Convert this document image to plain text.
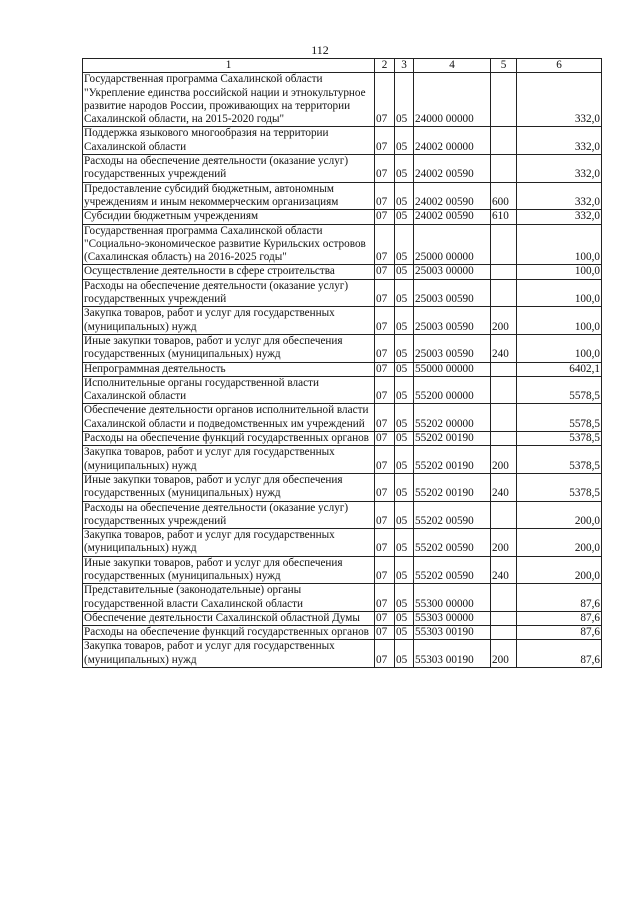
112
1	2	3	4	5	6
Государственная программа Сахалинской области "Укрепление единства российской нации и этнокультурное развитие народов России, проживающих на территории Сахалинской области, на 2015-2020 годы"	07	05	24000 00000		332,0
Поддержка языкового многообразия на территории Сахалинской области	07	05	24002 00000		332,0
Расходы на обеспечение деятельности (оказание услуг) государственных учреждений	07	05	24002 00590		332,0
Предоставление субсидий бюджетным, автономным учреждениям и иным некоммерческим организациям	07	05	24002 00590	600	332,0
Субсидии бюджетным учреждениям	07	05	24002 00590	610	332,0
Государственная программа Сахалинской области "Социально-экономическое развитие Курильских островов (Сахалинская область) на 2016-2025 годы"	07	05	25000 00000		100,0
Осуществление деятельности в сфере строительства	07	05	25003 00000		100,0
Расходы на обеспечение деятельности (оказание услуг) государственных учреждений	07	05	25003 00590		100,0
Закупка товаров, работ и услуг для государственных (муниципальных) нужд	07	05	25003 00590	200	100,0
Иные закупки товаров, работ и услуг для обеспечения государственных (муниципальных) нужд	07	05	25003 00590	240	100,0
Непрограммная деятельность	07	05	55000 00000		6402,1
Исполнительные органы государственной власти Сахалинской области	07	05	55200 00000		5578,5
Обеспечение деятельности органов исполнительной власти Сахалинской области и подведомственных им учреждений	07	05	55202 00000		5578,5
Расходы на обеспечение функций государственных органов	07	05	55202 00190		5378,5
Закупка товаров, работ и услуг для государственных (муниципальных) нужд	07	05	55202 00190	200	5378,5
Иные закупки товаров, работ и услуг для обеспечения государственных (муниципальных) нужд	07	05	55202 00190	240	5378,5
Расходы на обеспечение деятельности (оказание услуг) государственных учреждений	07	05	55202 00590		200,0
Закупка товаров, работ и услуг для государственных (муниципальных) нужд	07	05	55202 00590	200	200,0
Иные закупки товаров, работ и услуг для обеспечения государственных (муниципальных) нужд	07	05	55202 00590	240	200,0
Представительные (законодательные) органы государственной власти Сахалинской области	07	05	55300 00000		87,6
Обеспечение деятельности Сахалинской областной Думы	07	05	55303 00000		87,6
Расходы на обеспечение функций государственных органов	07	05	55303 00190		87,6
Закупка товаров, работ и услуг для государственных (муниципальных) нужд	07	05	55303 00190	200	87,6
